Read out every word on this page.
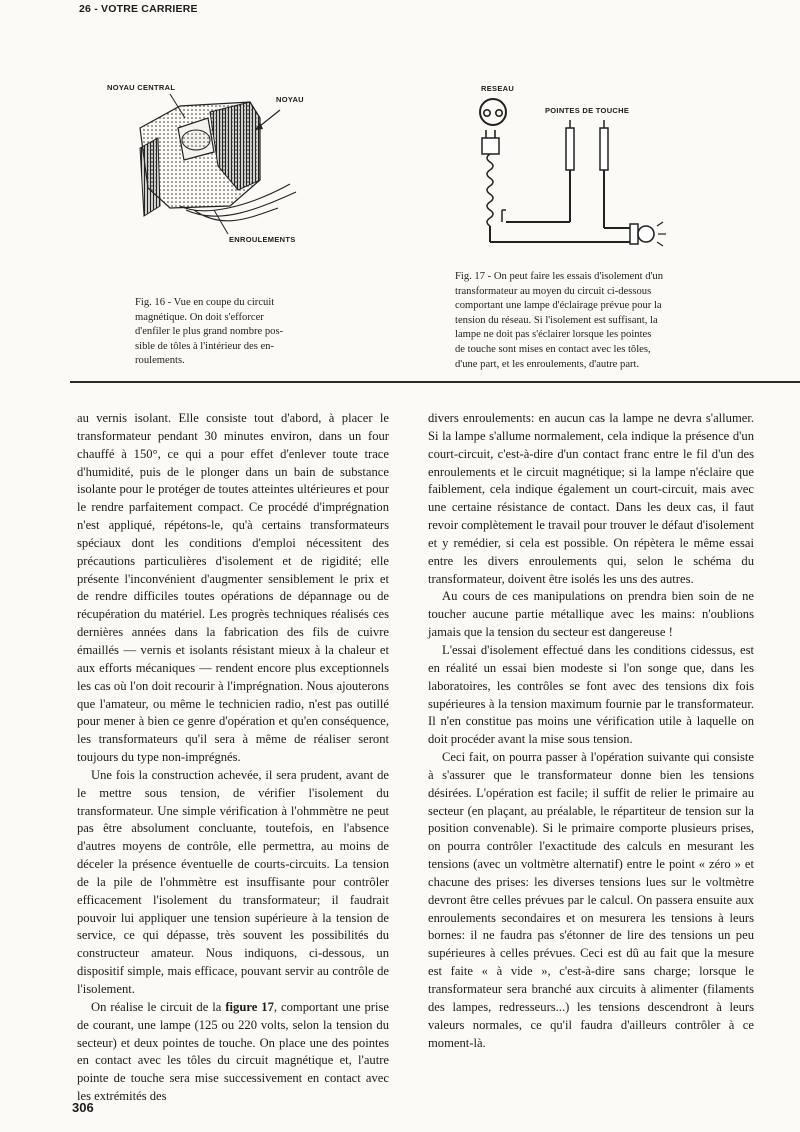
26 - VOTRE CARRIERE
NOYAU CENTRAL
NOYAU
ENROULEMENTS

Fig. 16 - Vue en coupe du circuit

magnétique. On doit s'efforcer

d'enfiler le plus grand nombre pos-

sible de tôles à l'intérieur des en-

roulements.

RESEAU
POINTES DE TOUCHE

Fig. 17 - On peut faire les essais d'isolement d'un

transformateur au moyen du circuit ci-dessous

comportant une lampe d'éclairage prévue pour la

tension du réseau. Si l'isolement est suffisant, la

lampe ne doit pas s'éclairer lorsque les pointes

de touche sont mises en contact avec les tôles,

d'une part, et les enroulements, d'autre part.

au vernis isolant. Elle consiste tout d'abord, à placer le transformateur pendant 30 minutes environ, dans un four chauffé à 150°, ce qui a pour effet d'enlever toute trace d'humidité, puis de le plonger dans un bain de substance isolante pour le protéger de toutes atteintes ultérieures et pour le rendre parfaitement compact. Ce procédé d'imprégnation n'est appliqué, répétons-le, qu'à certains transformateurs spéciaux dont les conditions d'emploi nécessitent des précautions particulières d'isolement et de rigidité; elle présente l'inconvénient d'augmenter sensiblement le prix et de rendre difficiles toutes opérations de dépannage ou de récupération du matériel. Les progrès techniques réalisés ces dernières années dans la fabrication des fils de cuivre émaillés — vernis et isolants résistant mieux à la chaleur et aux efforts mécaniques — rendent encore plus exceptionnels les cas où l'on doit recourir à l'imprégnation. Nous ajouterons que l'amateur, ou même le technicien radio, n'est pas outillé pour mener à bien ce genre d'opération et qu'en conséquence, les transformateurs qu'il sera à même de réaliser seront toujours du type non-imprégnés.

Une fois la construction achevée, il sera prudent, avant de le mettre sous tension, de vérifier l'isolement du transformateur. Une simple vérification à l'ohmmètre ne peut pas être absolument concluante, toutefois, en l'absence d'autres moyens de contrôle, elle permettra, au moins de déceler la présence éventuelle de courts-circuits. La tension de la pile de l'ohmmètre est insuffisante pour contrôler efficacement l'isolement du transformateur; il faudrait pouvoir lui appliquer une tension supérieure à la tension de service, ce qui dépasse, très souvent les possibilités du constructeur amateur. Nous indiquons, ci-dessous, un dispositif simple, mais efficace, pouvant servir au contrôle de l'isolement.

On réalise le circuit de la figure 17, comportant une prise de courant, une lampe (125 ou 220 volts, selon la tension du secteur) et deux pointes de touche. On place une des pointes en contact avec les tôles du circuit magnétique et, l'autre pointe de touche sera mise successivement en contact avec les extrémités des

divers enroulements: en aucun cas la lampe ne devra s'allumer. Si la lampe s'allume normalement, cela indique la présence d'un court-circuit, c'est-à-dire d'un contact franc entre le fil d'un des enroulements et le circuit magnétique; si la lampe n'éclaire que faiblement, cela indique également un court-circuit, mais avec une certaine résistance de contact. Dans les deux cas, il faut revoir complètement le travail pour trouver le défaut d'isolement et y remédier, si cela est possible. On répètera le même essai entre les divers enroulements qui, selon le schéma du transformateur, doivent être isolés les uns des autres.

Au cours de ces manipulations on prendra bien soin de ne toucher aucune partie métallique avec les mains: n'oublions jamais que la tension du secteur est dangereuse !

L'essai d'isolement effectué dans les conditions cidessus, est en réalité un essai bien modeste si l'on songe que, dans les laboratoires, les contrôles se font avec des tensions dix fois supérieures à la tension maximum fournie par le transformateur. Il n'en constitue pas moins une vérification utile à laquelle on doit procéder avant la mise sous tension.

Ceci fait, on pourra passer à l'opération suivante qui consiste à s'assurer que le transformateur donne bien les tensions désirées. L'opération est facile; il suffit de relier le primaire au secteur (en plaçant, au préalable, le répartiteur de tension sur la position convenable). Si le primaire comporte plusieurs prises, on pourra contrôler l'exactitude des calculs en mesurant les tensions (avec un voltmètre alternatif) entre le point « zéro » et chacune des prises: les diverses tensions lues sur le voltmètre devront être celles prévues par le calcul. On passera ensuite aux enroulements secondaires et on mesurera les tensions à leurs bornes: il ne faudra pas s'étonner de lire des tensions un peu supérieures à celles prévues. Ceci est dû au fait que la mesure est faite « à vide », c'est-à-dire sans charge; lorsque le transformateur sera branché aux circuits à alimenter (filaments des lampes, redresseurs...) les tensions descendront à leurs valeurs normales, ce qu'il faudra d'ailleurs contrôler à ce moment-là.

306
